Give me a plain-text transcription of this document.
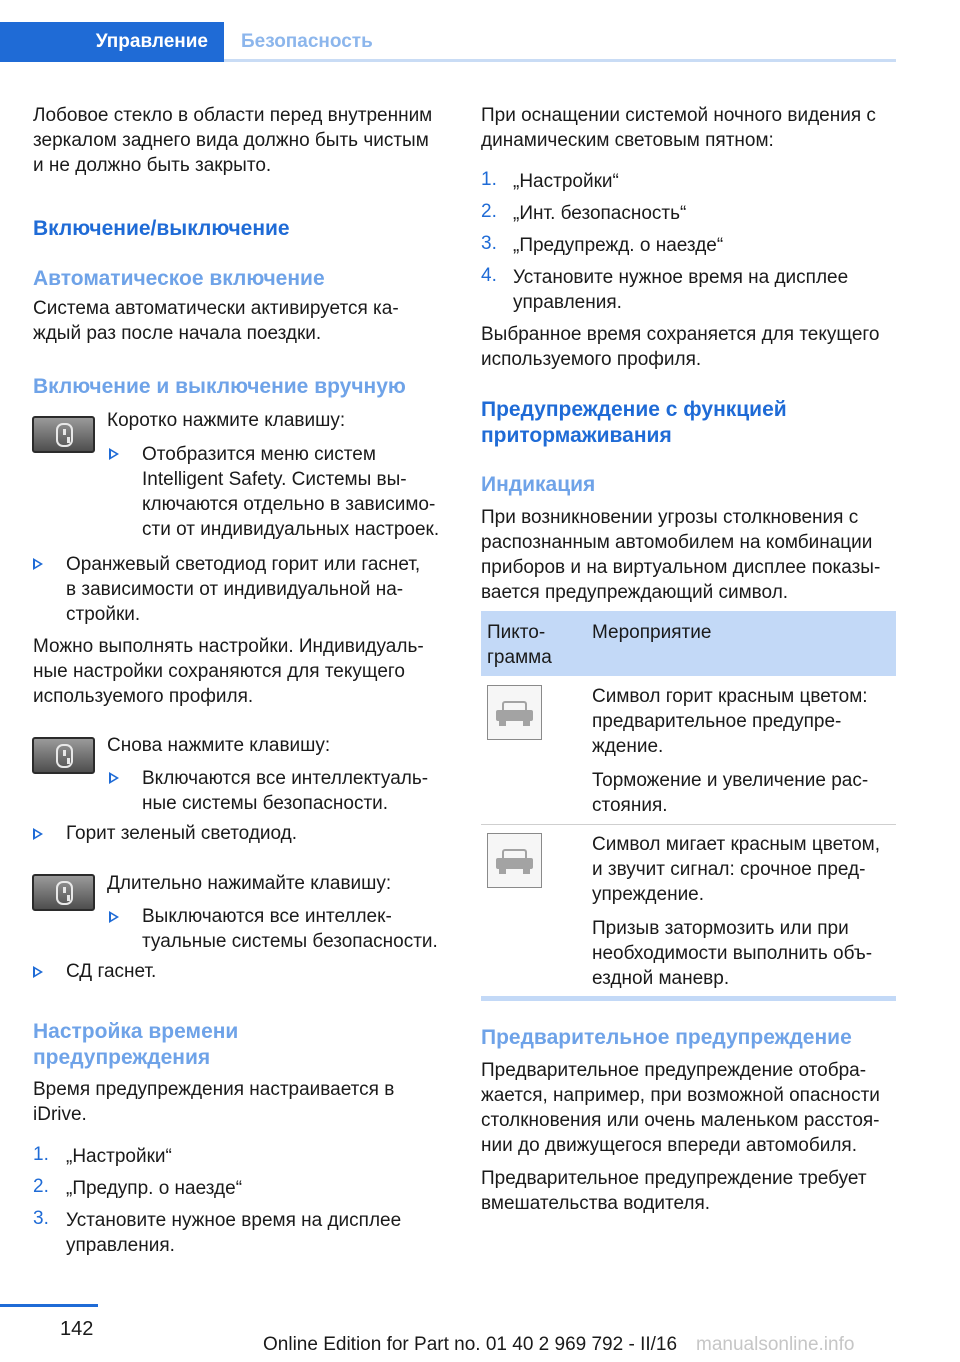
Управление Безопасность
Лобовое стекло в области перед внутренним
зеркалом заднего вида должно быть чистым
и не должно быть закрыто.
Включение/выключение
Автоматическое включение
Система автоматически активируется ка‐
ждый раз после начала поездки.
Включение и выключение вручную
Коротко нажмите клавишу:
Отобразится меню систем
Intelligent Safety. Системы вы‐
ключаются отдельно в зависимо‐
сти от индивидуальных настроек.
Оранжевый светодиод горит или гаснет,
в зависимости от индивидуальной на‐
стройки.
Можно выполнять настройки. Индивидуаль‐
ные настройки сохраняются для текущего
используемого профиля.
Снова нажмите клавишу:
Включаются все интеллектуаль‐
ные системы безопасности.
Горит зеленый светодиод.
Длительно нажимайте клавишу:
Выключаются все интеллек‐
туальные системы безопасности.
СД гаснет.
Настройка времени
предупреждения
Время предупреждения настраивается в
iDrive.
1. „Настройки“
2. „Предупр. о наезде“
3. Установите нужное время на дисплее
управления.
При оснащении системой ночного видения с
динамическим световым пятном:
1. „Настройки“
2. „Инт. безопасность“
3. „Предупрежд. о наезде“
4. Установите нужное время на дисплее
управления.
Выбранное время сохраняется для текущего
используемого профиля.
Предупреждение с функцией
притормаживания
Индикация
При возникновении угрозы столкновения с
распознанным автомобилем на комбинации
приборов и на виртуальном дисплее показы‐
вается предупреждающий символ.
Пикто‐
грамма
Мероприятие
Символ горит красным цветом:
предварительное предупре‐
ждение.
Торможение и увеличение рас‐
стояния.
Символ мигает красным цветом,
и звучит сигнал: срочное пред‐
упреждение.
Призыв затормозить или при
необходимости выполнить объ‐
ездной маневр.
Предварительное предупреждение
Предварительное предупреждение отобра‐
жается, например, при возможной опасности
столкновения или очень маленьком расстоя‐
нии до движущегося впереди автомобиля.
Предварительное предупреждение требует
вмешательства водителя.
142
Online Edition for Part no. 01 40 2 969 792 - II/16 manualsonline.info
